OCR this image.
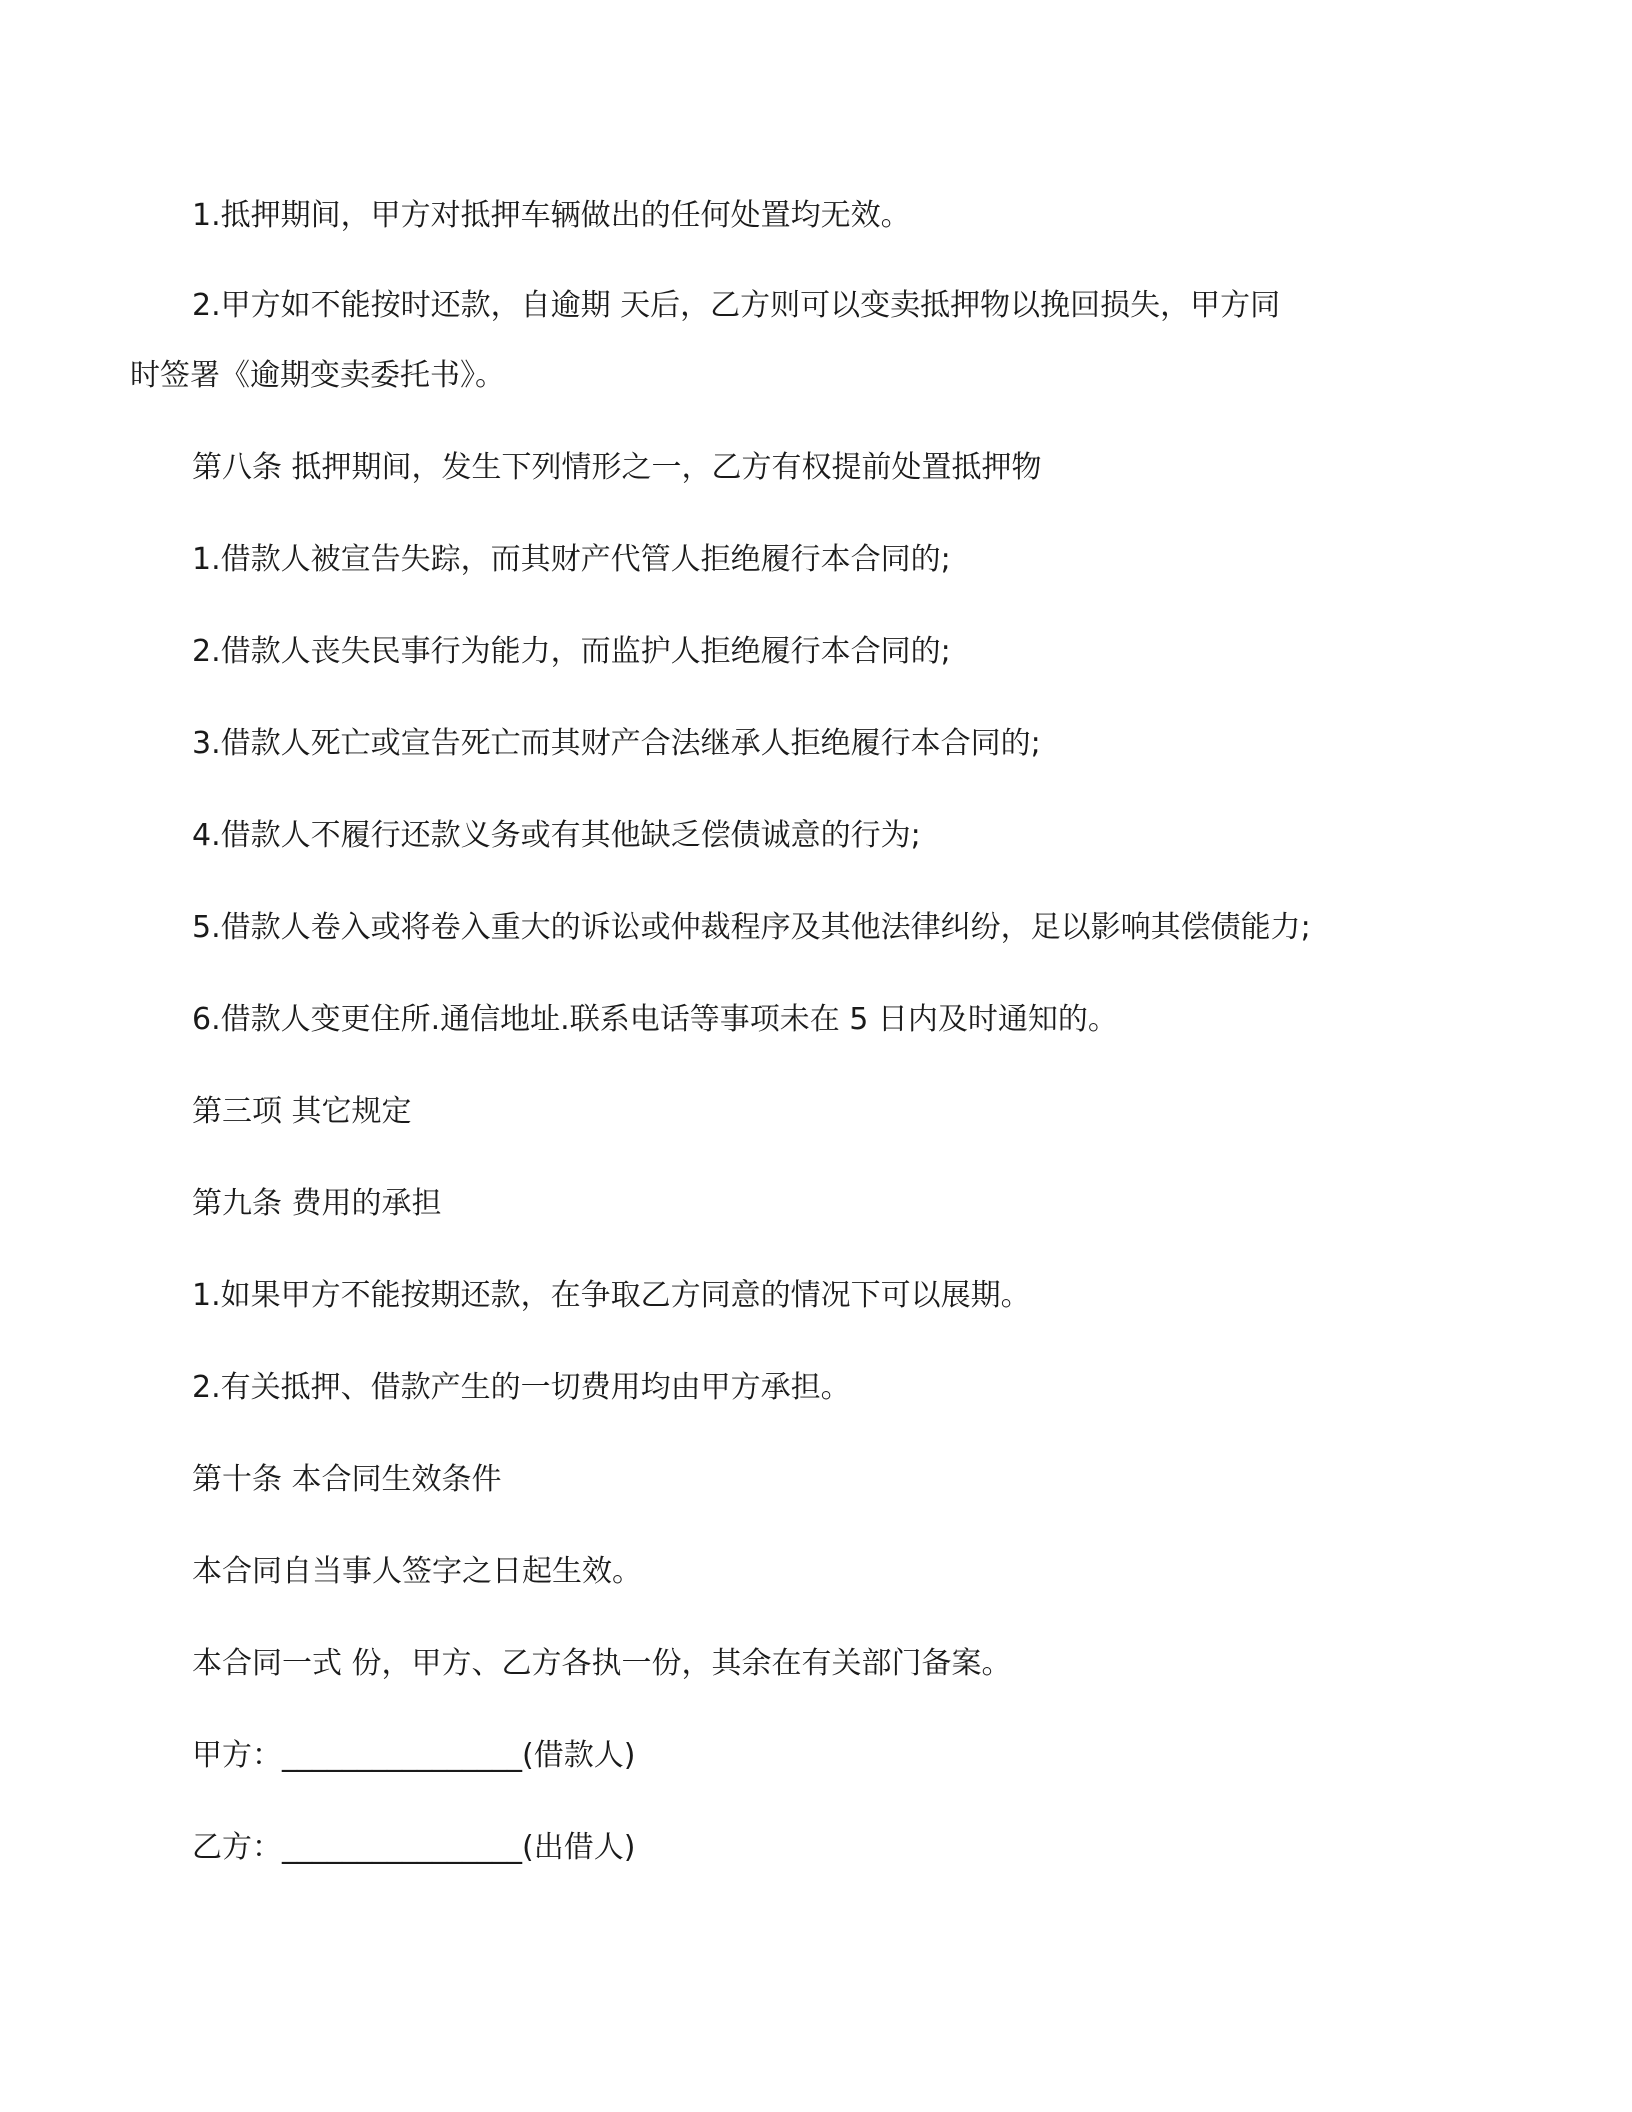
1.抵押期间，甲方对抵押车辆做出的任何处置均无效。

2.甲方如不能按时还款，自逾期 天后，乙方则可以变卖抵押物以挽回损失，甲方同

时签署《逾期变卖委托书》。

第八条 抵押期间，发生下列情形之一，乙方有权提前处置抵押物

1.借款人被宣告失踪，而其财产代管人拒绝履行本合同的;

2.借款人丧失民事行为能力，而监护人拒绝履行本合同的;

3.借款人死亡或宣告死亡而其财产合法继承人拒绝履行本合同的;

4.借款人不履行还款义务或有其他缺乏偿债诚意的行为;

5.借款人卷入或将卷入重大的诉讼或仲裁程序及其他法律纠纷，足以影响其偿债能力;

6.借款人变更住所.通信地址.联系电话等事项未在 5 日内及时通知的。

第三项 其它规定

第九条 费用的承担

1.如果甲方不能按期还款，在争取乙方同意的情况下可以展期。

2.有关抵押、借款产生的一切费用均由甲方承担。

第十条 本合同生效条件

本合同自当事人签字之日起生效。

本合同一式 份，甲方、乙方各执一份，其余在有关部门备案。

甲方：________________(借款人)

乙方：________________(出借人)
